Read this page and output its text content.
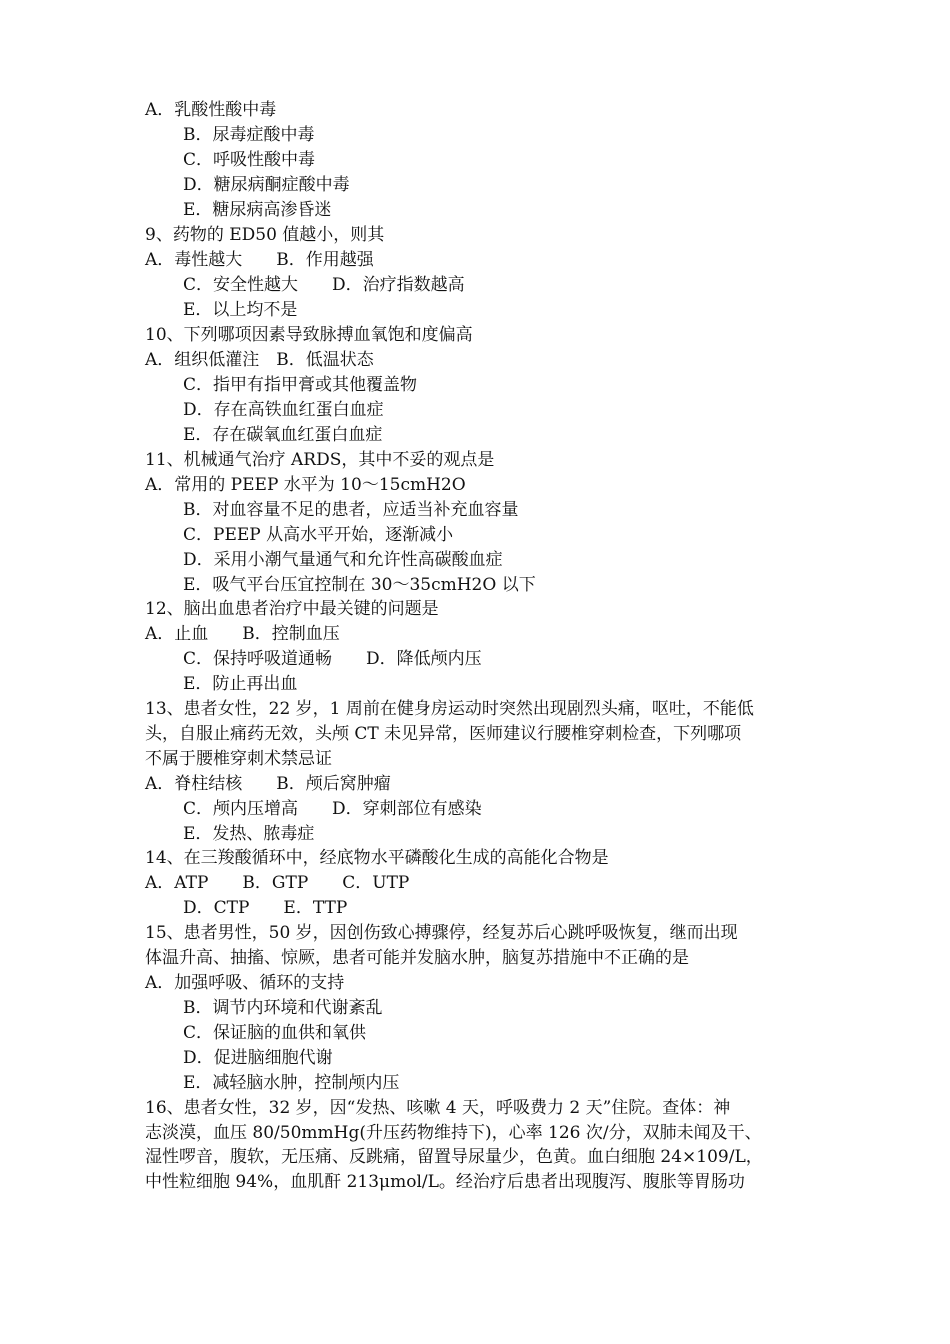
A．乳酸性酸中毒
B．尿毒症酸中毒
C．呼吸性酸中毒
D．糖尿病酮症酸中毒
E．糖尿病高渗昏迷
9、药物的 ED50 值越小，则其
A．毒性越大　　B．作用越强
C．安全性越大　　D．治疗指数越高
E．以上均不是
10、下列哪项因素导致脉搏血氧饱和度偏高
A．组织低灌注　B．低温状态
C．指甲有指甲膏或其他覆盖物
D．存在高铁血红蛋白血症
E．存在碳氧血红蛋白血症
11、机械通气治疗 ARDS，其中不妥的观点是
A．常用的 PEEP 水平为 10～15cmH2O
B．对血容量不足的患者，应适当补充血容量
C．PEEP 从高水平开始，逐渐减小
D．采用小潮气量通气和允许性高碳酸血症
E．吸气平台压宜控制在 30～35cmH2O 以下
12、脑出血患者治疗中最关键的问题是
A．止血　　B．控制血压
C．保持呼吸道通畅　　D．降低颅内压
E．防止再出血
13、患者女性，22 岁，1 周前在健身房运动时突然出现剧烈头痛，呕吐，不能低
头，自服止痛药无效，头颅 CT 未见异常，医师建议行腰椎穿刺检查，下列哪项
不属于腰椎穿刺术禁忌证
A．脊柱结核　　B．颅后窝肿瘤
C．颅内压增高　　D．穿刺部位有感染
E．发热、脓毒症
14、在三羧酸循环中，经底物水平磷酸化生成的高能化合物是
A．ATP　　B．GTP　　C．UTP
D．CTP　　E．TTP
15、患者男性，50 岁，因创伤致心搏骤停，经复苏后心跳呼吸恢复，继而出现
体温升高、抽搐、惊厥，患者可能并发脑水肿，脑复苏措施中不正确的是
A．加强呼吸、循环的支持
B．调节内环境和代谢紊乱
C．保证脑的血供和氧供
D．促进脑细胞代谢
E．减轻脑水肿，控制颅内压
16、患者女性，32 岁，因“发热、咳嗽 4 天，呼吸费力 2 天”住院。查体：神
志淡漠，血压 80/50mmHg(升压药物维持下)，心率 126 次/分，双肺未闻及干、
湿性啰音，腹软，无压痛、反跳痛，留置导尿量少，色黄。血白细胞 24×109/L，
中性粒细胞 94%，血肌酐 213μmol/L。经治疗后患者出现腹泻、腹胀等胃肠功
